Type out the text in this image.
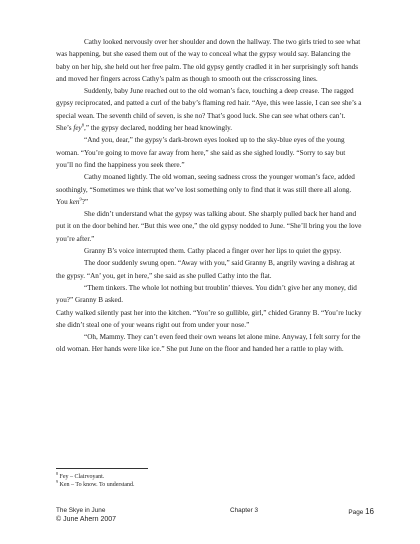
Cathy looked nervously over her shoulder and down the hallway. The two girls tried to see what was happening, but she eased them out of the way to conceal what the gypsy would say. Balancing the baby on her hip, she held out her free palm. The old gypsy gently cradled it in her surprisingly soft hands and moved her fingers across Cathy’s palm as though to smooth out the crisscrossing lines.

Suddenly, baby June reached out to the old woman’s face, touching a deep crease. The ragged gypsy reciprocated, and patted a curl of the baby’s flaming red hair. “Aye, this wee lassie, I can see she’s a special wean. The seventh child of seven, is she no? That’s good luck. She can see what others can’t. She’s fey$^8$,” the gypsy declared, nodding her head knowingly.

“And you, dear,” the gypsy’s dark-brown eyes looked up to the sky-blue eyes of the young woman. “You’re going to move far away from here,” she said as she sighed loudly. “Sorry to say but you’ll no find the happiness you seek there.”

Cathy moaned lightly. The old woman, seeing sadness cross the younger woman’s face, added soothingly, “Sometimes we think that we’ve lost something only to find that it was still there all along. You ken$^9$?”

She didn’t understand what the gypsy was talking about. She sharply pulled back her hand and put it on the door behind her. “But this wee one,” the old gypsy nodded to June. “She’ll bring you the love you’re after.”

Granny B’s voice interrupted them. Cathy placed a finger over her lips to quiet the gypsy.

The door suddenly swung open. “Away with you,” said Granny B, angrily waving a dishrag at the gypsy. “An’ you, get in here,” she said as she pulled Cathy into the flat.

“Them tinkers. The whole lot nothing but troublin’ thieves. You didn’t give her any money, did you?” Granny B asked.

Cathy walked silently past her into the kitchen. “You’re so gullible, girl,” chided Granny B. “You’re lucky she didn’t steal one of your weans right out from under your nose.”

“Oh, Mammy. They can’t even feed their own weans let alone mine. Anyway, I felt sorry for the old woman. Her hands were like ice.” She put June on the floor and handed her a rattle to play with.

$^8$ Fey – Clairvoyant.
$^9$ Ken – To know. To understand.
The Skye in June	Chapter 3	Page 16
© June Ahern 2007
